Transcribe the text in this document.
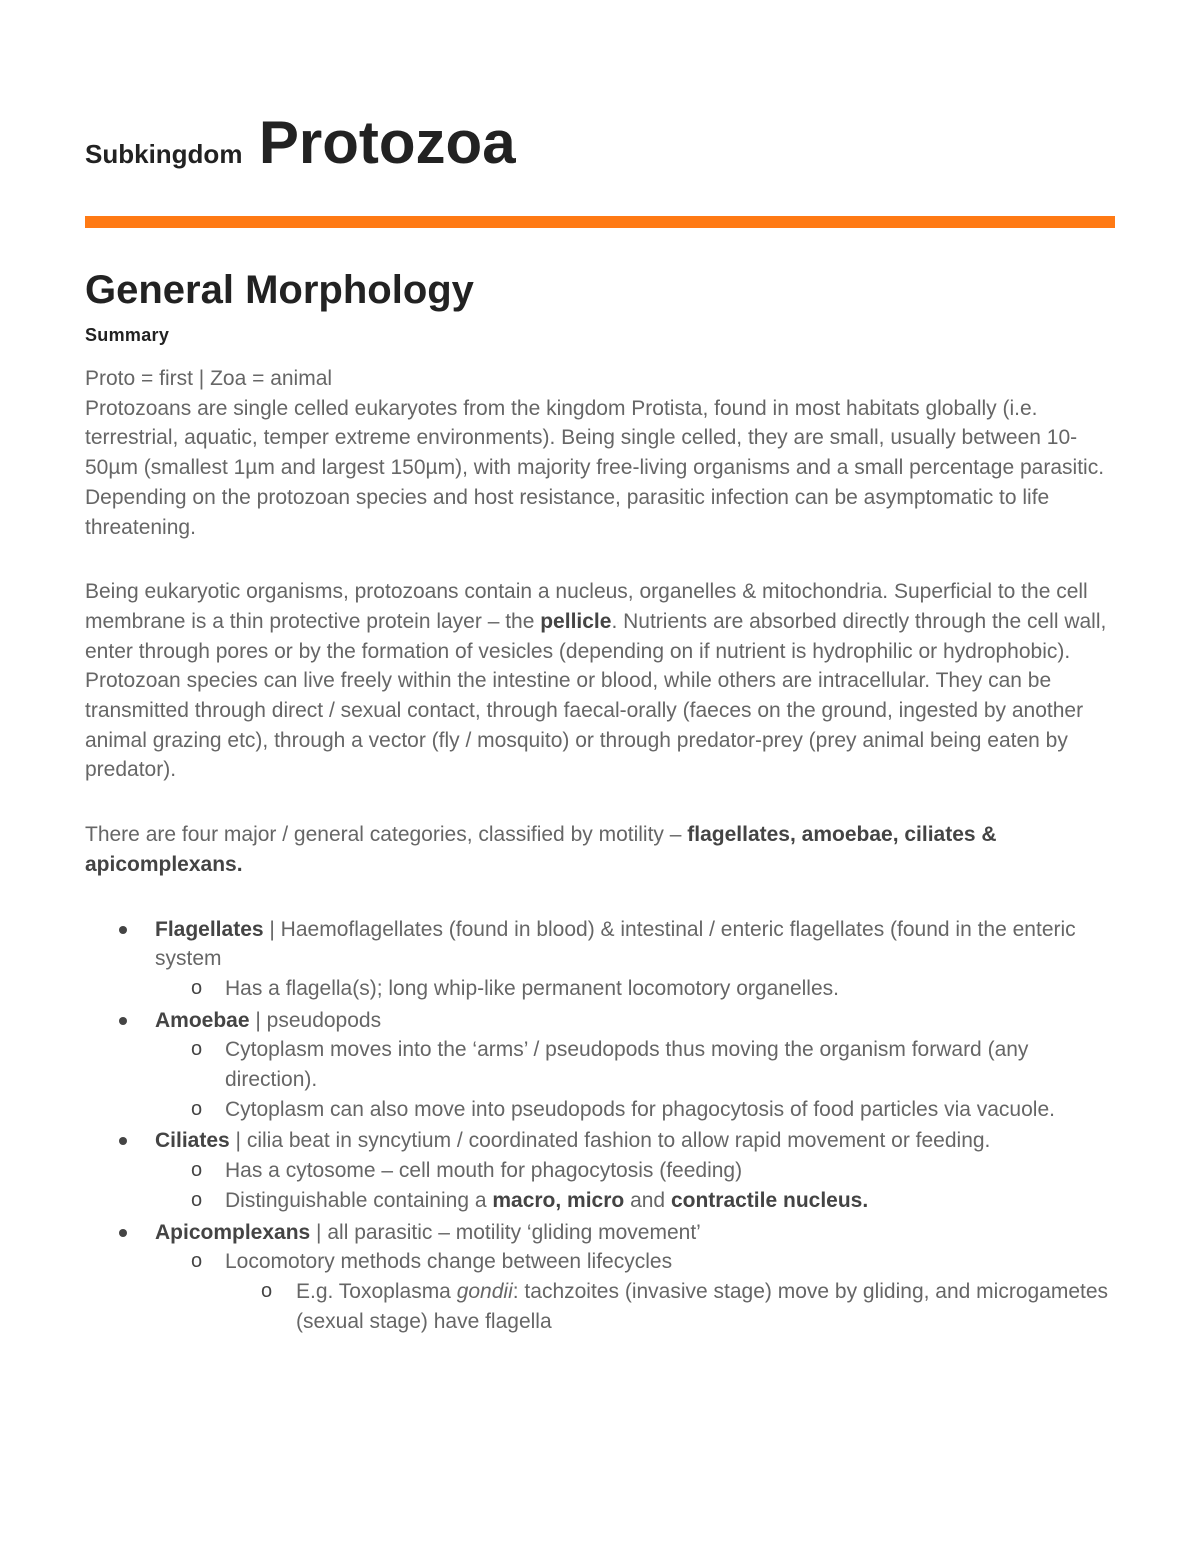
Subkingdom Protozoa
General Morphology
Summary

Proto = first | Zoa = animal

Protozoans are single celled eukaryotes from the kingdom Protista, found in most habitats globally (i.e. terrestrial, aquatic, temper extreme environments). Being single celled, they are small, usually between 10-50µm (smallest 1µm and largest 150µm), with majority free-living organisms and a small percentage parasitic. Depending on the protozoan species and host resistance, parasitic infection can be asymptomatic to life threatening.

Being eukaryotic organisms, protozoans contain a nucleus, organelles & mitochondria. Superficial to the cell membrane is a thin protective protein layer – the pellicle. Nutrients are absorbed directly through the cell wall, enter through pores or by the formation of vesicles (depending on if nutrient is hydrophilic or hydrophobic). Protozoan species can live freely within the intestine or blood, while others are intracellular. They can be transmitted through direct / sexual contact, through faecal-orally (faeces on the ground, ingested by another animal grazing etc), through a vector (fly / mosquito) or through predator-prey (prey animal being eaten by predator).

There are four major / general categories, classified by motility – flagellates, amoebae, ciliates & apicomplexans.

Flagellates | Haemoflagellates (found in blood) & intestinal / enteric flagellates (found in the enteric system
o Has a flagella(s); long whip-like permanent locomotory organelles.
Amoebae | pseudopods
o Cytoplasm moves into the ‘arms’ / pseudopods thus moving the organism forward (any direction).
o Cytoplasm can also move into pseudopods for phagocytosis of food particles via vacuole.
Ciliates | cilia beat in syncytium / coordinated fashion to allow rapid movement or feeding.
o Has a cytosome – cell mouth for phagocytosis (feeding)
o Distinguishable containing a macro, micro and contractile nucleus.
Apicomplexans | all parasitic – motility ‘gliding movement’
o Locomotory methods change between lifecycles
o E.g. Toxoplasma gondii: tachzoites (invasive stage) move by gliding, and microgametes (sexual stage) have flagella
